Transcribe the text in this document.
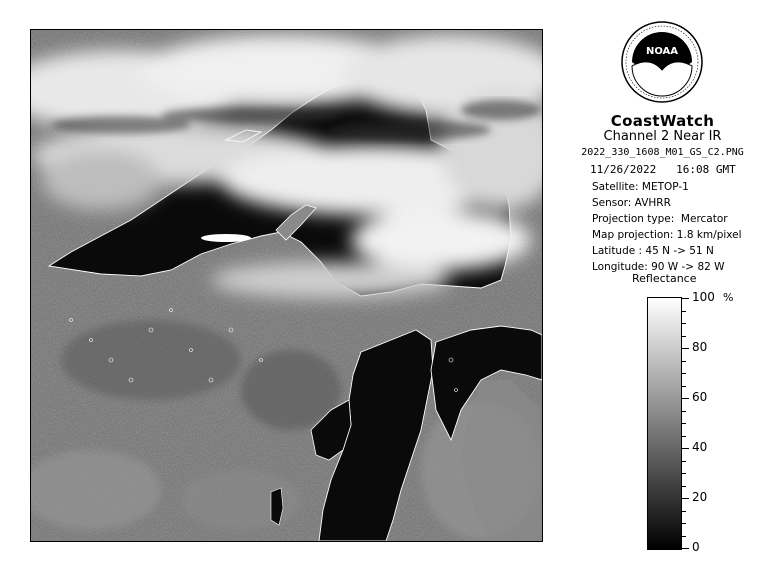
NOAA
CoastWatch
Channel 2 Near IR
2022_330_1608_M01_GS_C2.PNG
11/26/2022   16:08 GMT
Satellite: METOP-1
Sensor: AVHRR
Projection type:  Mercator
Map projection: 1.8 km/pixel
Latitude : 45 N -> 51 N
Longitude: 90 W -> 82 W
Reflectance
%
100
80
60
40
20
0
